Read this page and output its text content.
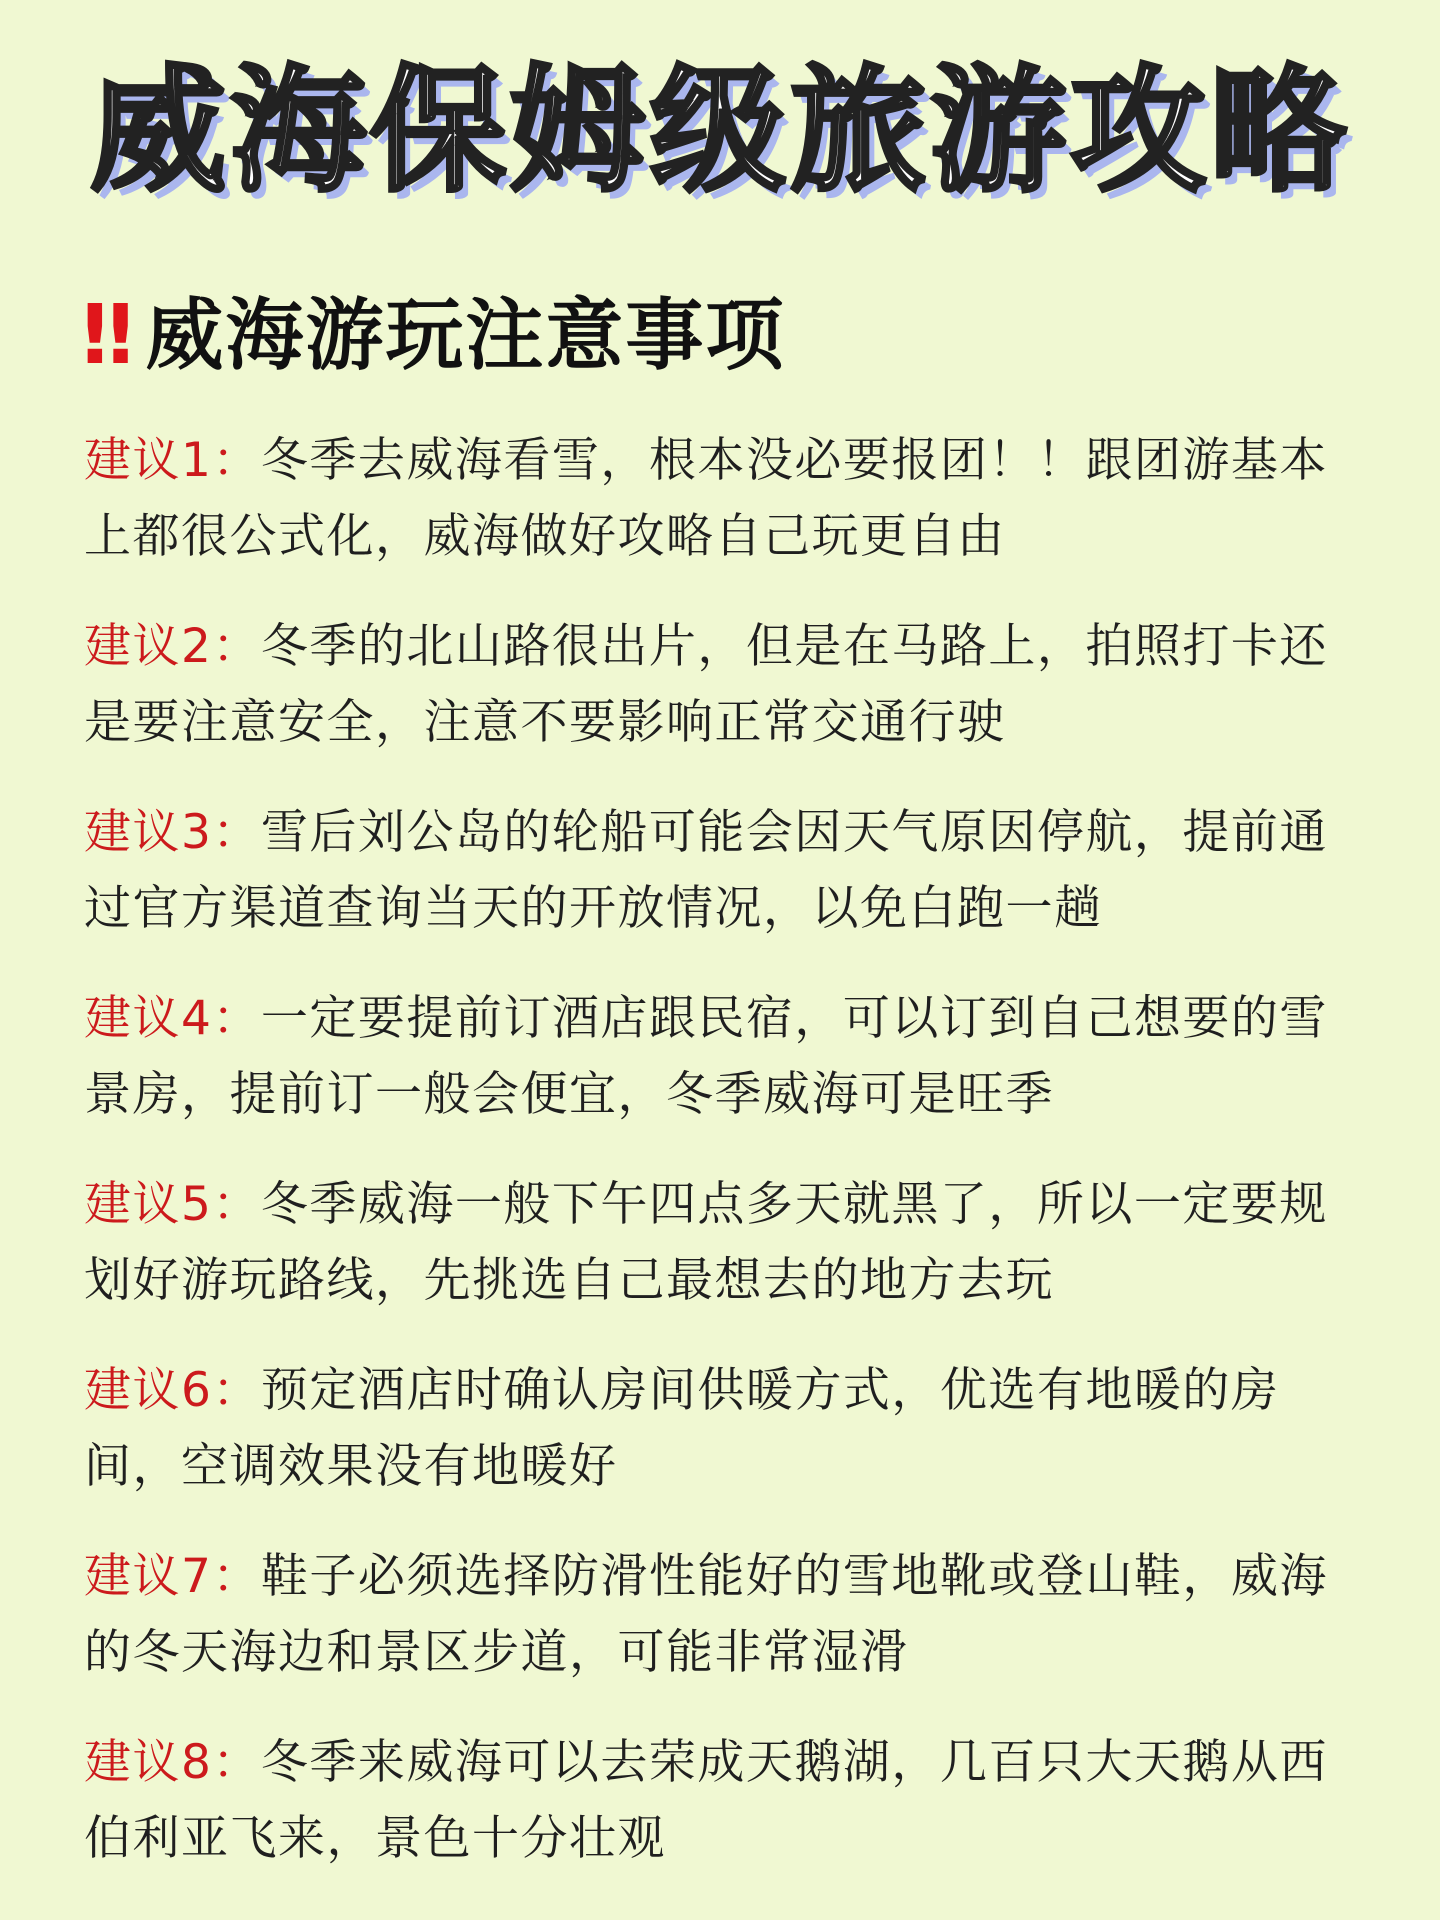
威海保姆级旅游攻略
‼ 威海游玩注意事项
建议1：冬季去威海看雪，根本没必要报团！！跟团游基本上都很公式化，威海做好攻略自己玩更自由
建议2：冬季的北山路很出片，但是在马路上，拍照打卡还是要注意安全，注意不要影响正常交通行驶
建议3：雪后刘公岛的轮船可能会因天气原因停航，提前通过官方渠道查询当天的开放情况，以免白跑一趟
建议4：一定要提前订酒店跟民宿，可以订到自己想要的雪景房，提前订一般会便宜，冬季威海可是旺季
建议5：冬季威海一般下午四点多天就黑了，所以一定要规划好游玩路线，先挑选自己最想去的地方去玩
建议6：预定酒店时确认房间供暖方式，优选有地暖的房间，空调效果没有地暖好
建议7：鞋子必须选择防滑性能好的雪地靴或登山鞋，威海的冬天海边和景区步道，可能非常湿滑
建议8：冬季来威海可以去荣成天鹅湖，几百只大天鹅从西伯利亚飞来，景色十分壮观
